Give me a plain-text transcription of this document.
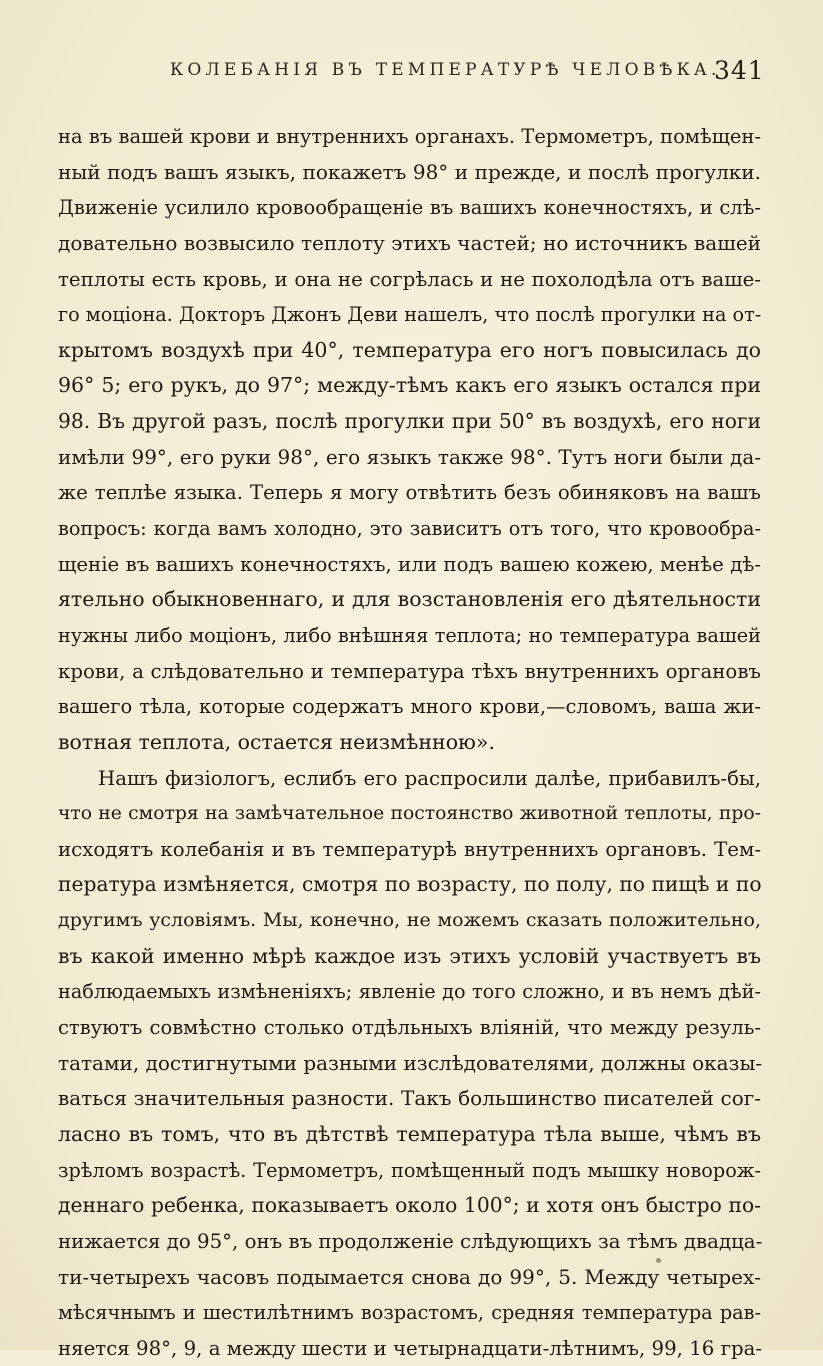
КОЛЕБАНІЯ ВЪ ТЕМПЕРАТУРѢ ЧЕЛОВѢКА.
341
на въ вашей крови и внутреннихъ органахъ. Термометръ, помѣщен-
ный подъ вашъ языкъ, покажетъ 98° и прежде, и послѣ прогулки.
Движеніе усилило кровообращеніе въ вашихъ конечностяхъ, и слѣ-
довательно возвысило теплоту этихъ частей; но источникъ вашей
теплоты есть кровь, и она не согрѣлась и не похолодѣла отъ ваше-
го моціона. Докторъ Джонъ Деви нашелъ, что послѣ прогулки на от-
крытомъ воздухѣ при 40°, температура его ногъ повысилась до
96° 5; его рукъ, до 97°; между-тѣмъ какъ его языкъ остался при
98. Въ другой разъ, послѣ прогулки при 50° въ воздухѣ, его ноги
имѣли 99°, его руки 98°, его языкъ также 98°. Тутъ ноги были да-
же теплѣе языка. Теперь я могу отвѣтить безъ обиняковъ на вашъ
вопросъ: когда вамъ холодно, это зависитъ отъ того, что кровообра-
щеніе въ вашихъ конечностяхъ, или подъ вашею кожею, менѣе дѣ-
ятельно обыкновеннаго, и для возстановленія его дѣятельности
нужны либо моціонъ, либо внѣшняя теплота; но температура вашей
крови, а слѣдовательно и температура тѣхъ внутреннихъ органовъ
вашего тѣла, которые содержатъ много крови,—словомъ, ваша жи-
вотная теплота, остается неизмѣнною».
Нашъ физіологъ, еслибъ его распросили далѣе, прибавилъ-бы,
что не смотря на замѣчательное постоянство животной теплоты, про-
исходятъ колебанія и въ температурѣ внутреннихъ органовъ. Тем-
пература измѣняется, смотря по возрасту, по полу, по пищѣ и по
другимъ условіямъ. Мы, конечно, не можемъ сказать положительно,
въ какой именно мѣрѣ каждое изъ этихъ условій участвуетъ въ
наблюдаемыхъ измѣненіяхъ; явленіе до того сложно, и въ немъ дѣй-
ствуютъ совмѣстно столько отдѣльныхъ вліяній, что между резуль-
татами, достигнутыми разными изслѣдователями, должны оказы-
ваться значительныя разности. Такъ большинство писателей сог-
ласно въ томъ, что въ дѣтствѣ температура тѣла выше, чѣмъ въ
зрѣломъ возрастѣ. Термометръ, помѣщенный подъ мышку новорож-
деннаго ребенка, показываетъ около 100°; и хотя онъ быстро по-
нижается до 95°, онъ въ продолженіе слѣдующихъ за тѣмъ двадца-
ти-четырехъ часовъ подымается снова до 99°, 5. Между четырех-
мѣсячнымъ и шестилѣтнимъ возрастомъ, средняя температура рав-
няется 98°, 9, а между шести и четырнадцати-лѣтнимъ, 99, 16 гра-
